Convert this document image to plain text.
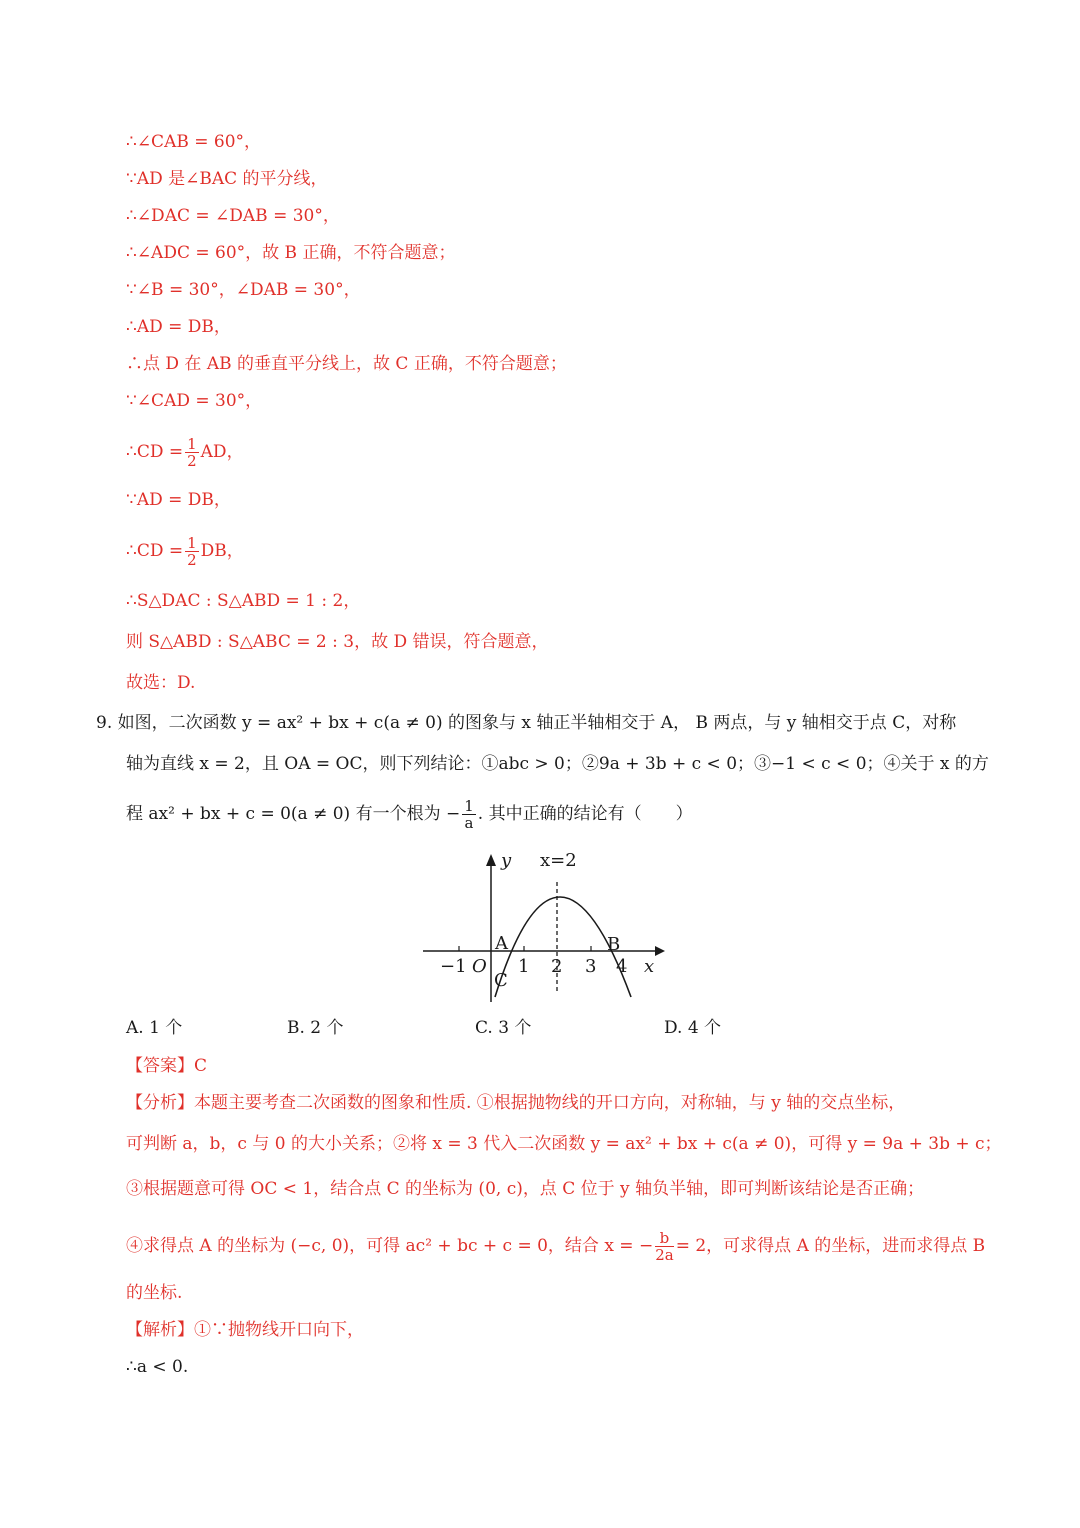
∴∠CAB = 60°，
∵AD 是∠BAC 的平分线，
∴∠DAC = ∠DAB = 30°，
∴∠ADC = 60°，故 B 正确，不符合题意；
∵∠B = 30°，∠DAB = 30°，
∴AD = DB，
∴点 D 在 AB 的垂直平分线上，故 C 正确，不符合题意；
∵∠CAD = 30°，
∴CD = $\frac{1}{2}$ AD，
∵AD = DB，
∴CD = $\frac{1}{2}$ DB，
∴S△DAC : S△ABD = 1 : 2，
则 S△ABD : S△ABC = 2 : 3，故 D 错误，符合题意，
故选：D.
9. 如图，二次函数 y = ax² + bx + c(a ≠ 0) 的图象与 x 轴正半轴相交于 A， B 两点，与 y 轴相交于点 C，对称
轴为直线 x = 2，且 OA = OC，则下列结论：①abc > 0；②9a + 3b + c < 0；③−1 < c < 0；④关于 x 的方
程 ax² + bx + c = 0(a ≠ 0) 有一个根为 − $\frac{1}{a}$ . 其中正确的结论有（　　）
y x=2
A	B
C
O
−1	1 2 3 4 x
A. 1 个	B. 2 个	C. 3 个	D. 4 个
【答案】C
【分析】本题主要考查二次函数的图象和性质. ①根据抛物线的开口方向，对称轴，与 y 轴的交点坐标，
可判断 a，b，c 与 0 的大小关系；②将 x = 3 代入二次函数 y = ax² + bx + c(a ≠ 0)，可得 y = 9a + 3b + c；
③根据题意可得 OC < 1，结合点 C 的坐标为 (0, c)，点 C 位于 y 轴负半轴，即可判断该结论是否正确；
④求得点 A 的坐标为 (−c, 0)，可得 ac² + bc + c = 0，结合 x = − $\frac{b}{2a} = 2$，可求得点 A 的坐标，进而求得点 B
的坐标.
【解析】①∵抛物线开口向下，
∴a < 0.
